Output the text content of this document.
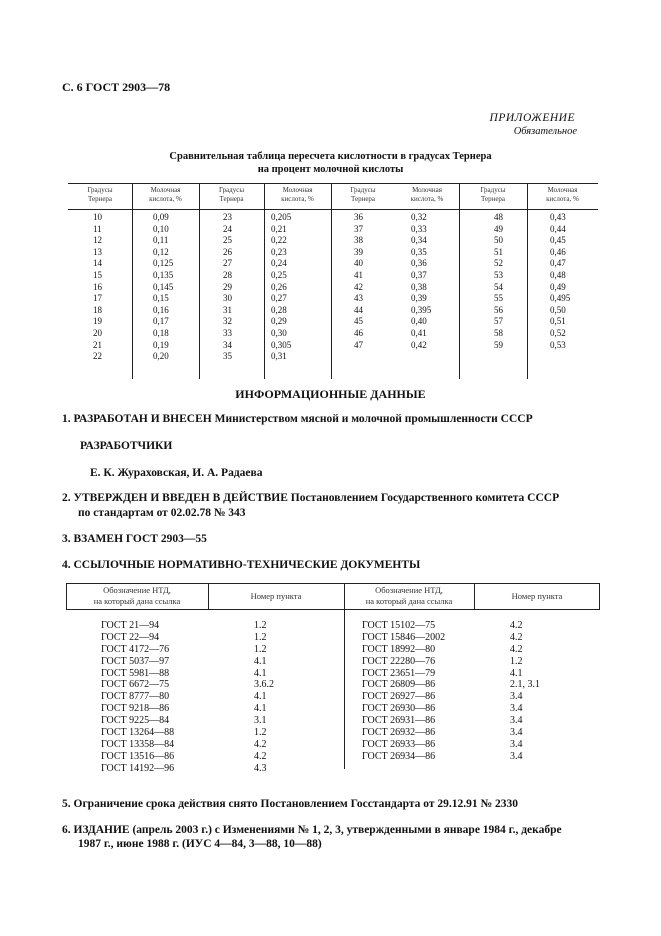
С. 6 ГОСТ 2903—78
ПРИЛОЖЕНИЕ
Обязательное
Сравнительная таблица пересчета кислотности в градусах Тернера
на процент молочной кислоты
Градусы
Тернера
Молочная
кислота, %
Градусы
Тернера
Молочная
кислота, %
Градусы
Тернера
Молочная
кислота, %
Градусы
Тернера
Молочная
кислота, %
10
11
12
13
14
15
16
17
18
19
20
21
22
0,09
0,10
0,11
0,12
0,125
0,135
0,145
0,15
0,16
0,17
0,18
0,19
0,20
23
24
25
26
27
28
29
30
31
32
33
34
35
0,205
0,21
0,22
0,23
0,24
0,25
0,26
0,27
0,28
0,29
0,30
0,305
0,31
36
37
38
39
40
41
42
43
44
45
46
47
0,32
0,33
0,34
0,35
0,36
0,37
0,38
0,39
0,395
0,40
0,41
0,42
48
49
50
51
52
53
54
55
56
57
58
59
0,43
0,44
0,45
0,46
0,47
0,48
0,49
0,495
0,50
0,51
0,52
0,53
ИНФОРМАЦИОННЫЕ ДАННЫЕ
1. РАЗРАБОТАН И ВНЕСЕН Министерством мясной и молочной промышленности СССР
РАЗРАБОТЧИКИ
Е. К. Жураховская, И. А. Радаева
2. УТВЕРЖДЕН И ВВЕДЕН В ДЕЙСТВИЕ Постановлением Государственного комитета СССР
по стандартам от 02.02.78 № 343
3. ВЗАМЕН ГОСТ 2903—55
4. ССЫЛОЧНЫЕ НОРМАТИВНО-ТЕХНИЧЕСКИЕ ДОКУМЕНТЫ
Обозначение НТД,
на который дана ссылка	Номер пункта
Обозначение НТД,
на который дана ссылка	Номер пункта
ГОСТ 21—94
ГОСТ 22—94
ГОСТ 4172—76
ГОСТ 5037—97
ГОСТ 5981—88
ГОСТ 6672—75
ГОСТ 8777—80
ГОСТ 9218—86
ГОСТ 9225—84
ГОСТ 13264—88
ГОСТ 13358—84
ГОСТ 13516—86
ГОСТ 14192—96
1.2
1.2
1.2
4.1
4.1
3.6.2
4.1
4.1
3.1
1.2
4.2
4.2
4.3
ГОСТ 15102—75
ГОСТ 15846—2002
ГОСТ 18992—80
ГОСТ 22280—76
ГОСТ 23651—79
ГОСТ 26809—86
ГОСТ 26927—86
ГОСТ 26930—86
ГОСТ 26931—86
ГОСТ 26932—86
ГОСТ 26933—86
ГОСТ 26934—86
4.2
4.2
4.2
1.2
4.1
2.1, 3.1
3.4
3.4
3.4
3.4
3.4
3.4
5. Ограничение срока действия снято Постановлением Госстандарта от 29.12.91 № 2330
6. ИЗДАНИЕ (апрель 2003 г.) с Изменениями № 1, 2, 3, утвержденными в январе 1984 г., декабре
1987 г., июне 1988 г. (ИУС 4—84, 3—88, 10—88)
